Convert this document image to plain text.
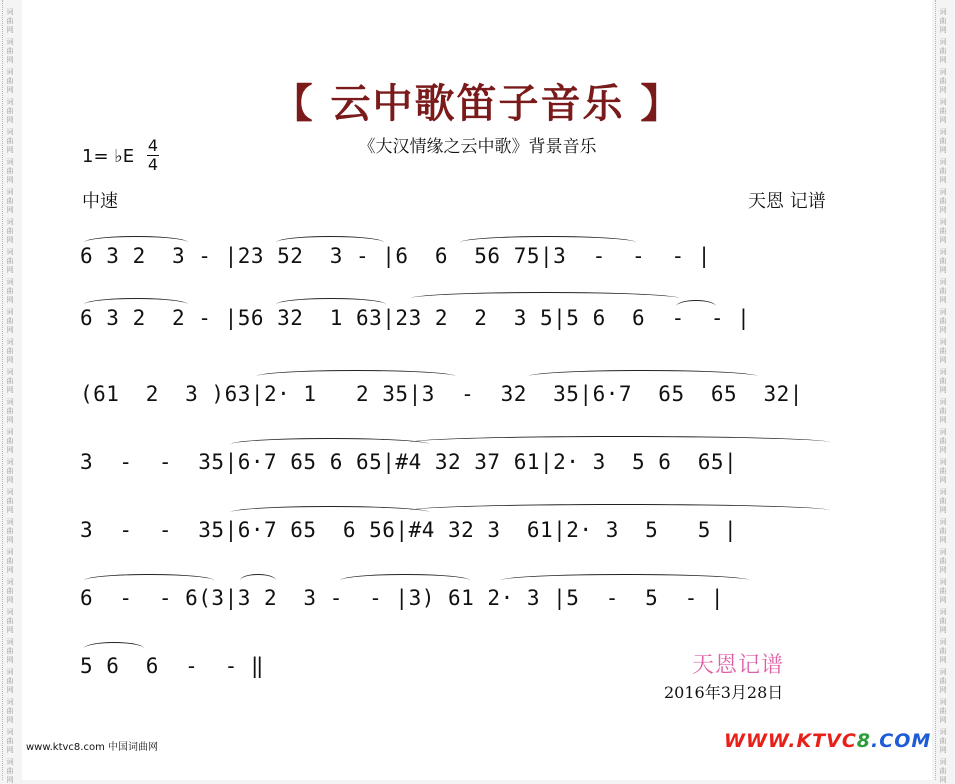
词
曲
网
词
曲
网
词
曲
网
词
曲
网
词
曲
网
词
曲
网
词
曲
网
词
曲
网
词
曲
网
词
曲
网
词
曲
网
词
曲
网
词
曲
网
词
曲
网
词
曲
网
词
曲
网
词
曲
网
词
曲
网
词
曲
网
词
曲
网
词
曲
网
词
曲
网
词
曲
网
词
曲
网
词
曲
网
词
曲
网
词
曲
网
词
曲
网
词
曲
网
词
曲
网
词
曲
网
词
曲
网
词
曲
网
词
曲
网
词
曲
网
词
曲
网
词
曲
网
词
曲
网
词
曲
网
词
曲
网
词
曲
网
词
曲
网
词
曲
网
词
曲
网
词
曲
网
词
曲
网
词
曲
网
词
曲
网
词
曲
网
词
曲
网
词
曲
网
词
曲
网
【 云中歌笛子音乐 】
《大汉情缘之云中歌》背景音乐
1= ♭E
4
4
中速	天恩 记谱
6 3 2  3 - |23 52  3 - |6  6  56 75|3  -  -  - |
6 3 2  2 - |56 32  1 63|23 2  2  3 5|5 6  6  -  - |
(61  2  3 )63|2· 1   2 35|3  -  32  35|6·7  65  65  32|
3  -  -  35|6·7 65 6 65|#4 32 37 61|2· 3  5 6  65|
3  -  -  35|6·7 65  6 56|#4 32 3  61|2· 3  5   5 |
6  -  - 6(3|3 2  3 -  - |3) 61 2· 3 |5  -  5  - |
5 6  6  -  - ‖	天恩记谱
2016年3月28日
www.ktvc8.com 中国词曲网	WWW.KTVC8.COM
